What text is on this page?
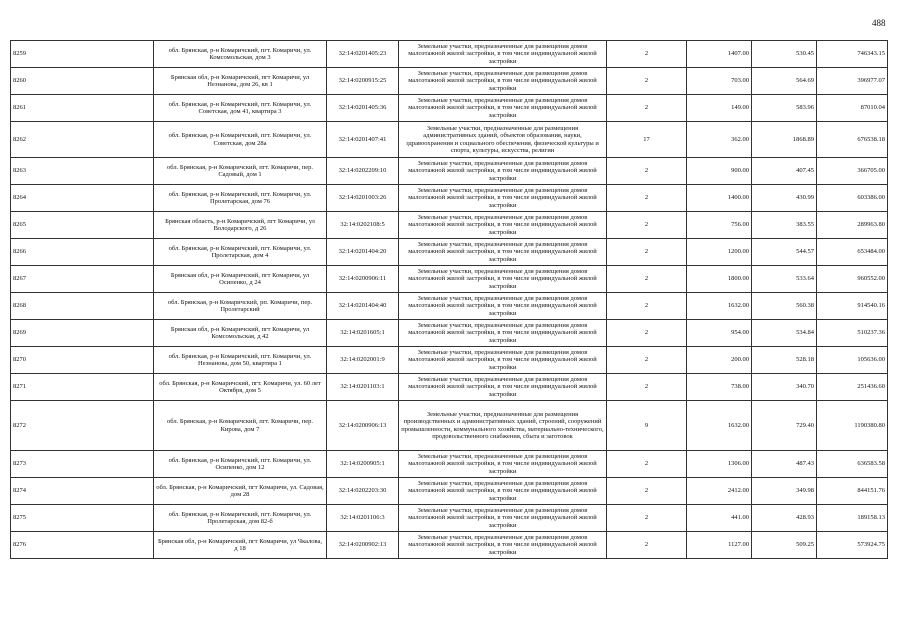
488
8259	обл. Брянская, р-н Комаричский, пгт. Комаричи, ул. Комсомольская, дом 3	32:14:0201405:23	Земельные участки, предназначенные для размещения домов малоэтажной жилой застройки, в том числе индивидуальной жилой застройки	2	1407.00	530.45	746343.15
8260	Брянская обл, р-н Комаричский, пгт Комаричи, ул Незнанова, дом 26, кв 1	32:14:0200915:25	Земельные участки, предназначенные для размещения домов малоэтажной жилой застройки, в том числе индивидуальной жилой застройки	2	703.00	564.69	396977.07
8261	обл. Брянская, р-н Комаричский, пгт. Комаричи, ул. Советская, дом 41, квартира 3	32:14:0201405:36	Земельные участки, предназначенные для размещения домов малоэтажной жилой застройки, в том числе индивидуальной жилой застройки	2	149.00	583.96	87010.04
8262	обл. Брянская, р-н Комаричский, пгт. Комаричи, ул. Советская, дом 28а	32:14:0201407:41	Земельные участки, предназначенные для размещения административных зданий, объектов образования, науки, здравоохранения и социального обеспечения, физической культуры и спорта, культуры, искусства, религии	17	362.00	1868.89	676538.18
8263	обл. Брянская, р-н Комаричский, пгт. Комаричи, пер. Садовый, дом 1	32:14:0202209:10	Земельные участки, предназначенные для размещения домов малоэтажной жилой застройки, в том числе индивидуальной жилой застройки	2	900.00	407.45	366705.00
8264	обл. Брянская, р-н Комаричский, пгт. Комаричи, ул. Пролетарская, дом 76	32:14:0201003:26	Земельные участки, предназначенные для размещения домов малоэтажной жилой застройки, в том числе индивидуальной жилой застройки	2	1400.00	430.99	603386.00
8265	Брянская область, р-н Комаричский, пгт Комаричи, ул Володарского, д 26	32:14:0202108:5	Земельные участки, предназначенные для размещения домов малоэтажной жилой застройки, в том числе индивидуальной жилой застройки	2	756.00	383.55	289963.80
8266	обл. Брянская, р-н Комаричский, пгт. Комаричи, ул. Пролетарская, дом 4	32:14:0201404:20	Земельные участки, предназначенные для размещения домов малоэтажной жилой застройки, в том числе индивидуальной жилой застройки	2	1200.00	544.57	653484.00
8267	Брянская обл, р-н Комаричский, пгт Комаричи, ул Осипенко, д 24	32:14:0200906:11	Земельные участки, предназначенные для размещения домов малоэтажной жилой застройки, в том числе индивидуальной жилой застройки	2	1800.00	533.64	960552.00
8268	обл. Брянская, р-н Комаричский, рп. Комаричи, пер. Пролетарский	32:14:0201404:40	Земельные участки, предназначенные для размещения домов малоэтажной жилой застройки, в том числе индивидуальной жилой застройки	2	1632.00	560.38	914540.16
8269	Брянская обл, р-н Комаричский, пгт Комаричи, ул Комсомольская, д 42	32:14:0201605:1	Земельные участки, предназначенные для размещения домов малоэтажной жилой застройки, в том числе индивидуальной жилой застройки	2	954.00	534.84	510237.36
8270	обл. Брянская, р-н Комаричский, пгт. Комаричи, ул. Незнанова, дом 50, квартира 1	32:14:0202001:9	Земельные участки, предназначенные для размещения домов малоэтажной жилой застройки, в том числе индивидуальной жилой застройки	2	200.00	528.18	105636.00
8271	обл. Брянская, р-н Комаричский, пгт. Комаричи, ул. 60 лет Октября, дом 5	32:14:0201103:1	Земельные участки, предназначенные для размещения домов малоэтажной жилой застройки, в том числе индивидуальной жилой застройки	2	738.00	340.70	251436.60
8272	обл. Брянская, р-н Комаричский, пгт. Комаричи, пер. Кирова, дом 7	32:14:0200906:13	Земельные участки, предназначенные для размещения производственных и административных зданий, строений, сооружений промышленности, коммунального хозяйства, материально-технического, продовольственного снабжения, сбыта и заготовок	9	1632.00	729.40	1190380.80
8273	обл. Брянская, р-н Комаричский, пгт. Комаричи, ул. Осипенко, дом 12	32:14:0200905:1	Земельные участки, предназначенные для размещения домов малоэтажной жилой застройки, в том числе индивидуальной жилой застройки	2	1306.00	487.43	636583.58
8274	обл. Брянская, р-н Комаричский, пгт Комаричи, ул. Садовая, дом 28	32:14:0202203:30	Земельные участки, предназначенные для размещения домов малоэтажной жилой застройки, в том числе индивидуальной жилой застройки	2	2412.00	349.98	844151.76
8275	обл. Брянская, р-н Комаричский, пгт. Комаричи, ул. Пролетарская, дом 82-б	32:14:0201106:3	Земельные участки, предназначенные для размещения домов малоэтажной жилой застройки, в том числе индивидуальной жилой застройки	2	441.00	428.93	189158.13
8276	Брянская обл, р-н Комаричский, пгт Комаричи, ул Чкалова, д 18	32:14:0200902:13	Земельные участки, предназначенные для размещения домов малоэтажной жилой застройки, в том числе индивидуальной жилой застройки	2	1127.00	509.25	573924.75
